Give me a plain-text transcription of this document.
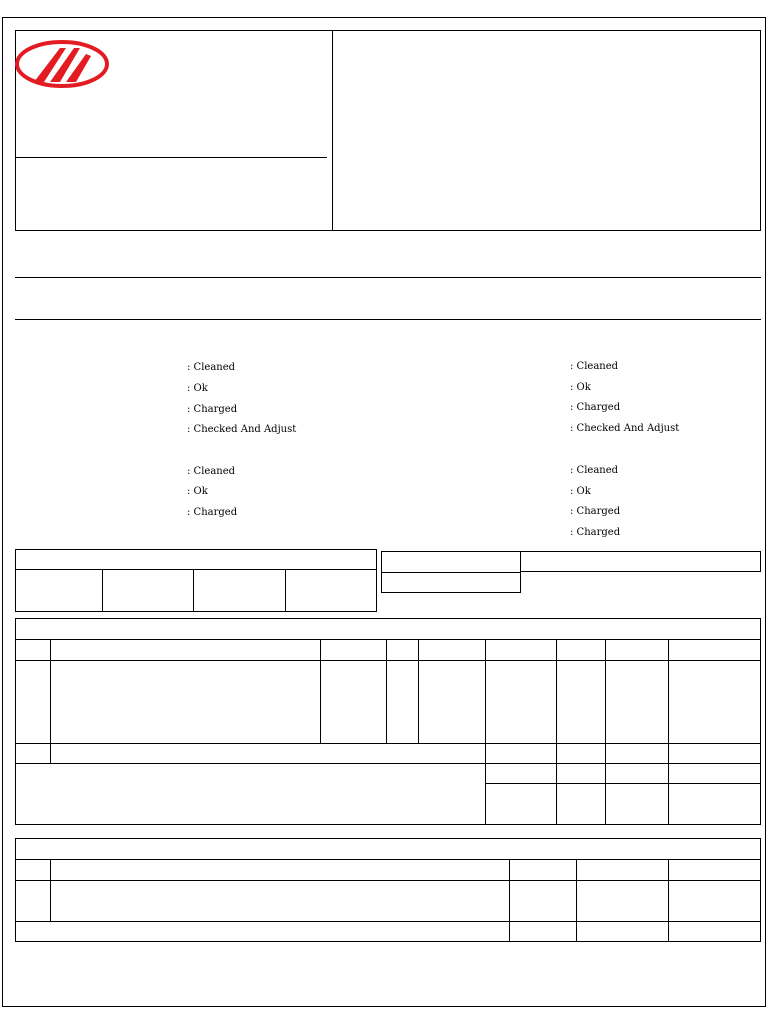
: Cleaned
: Ok
: Charged
: Checked And Adjust
: Cleaned
: Ok
: Charged
: Checked And Adjust
: Cleaned
: Ok
: Charged
: Cleaned
: Ok
: Charged
: Charged
